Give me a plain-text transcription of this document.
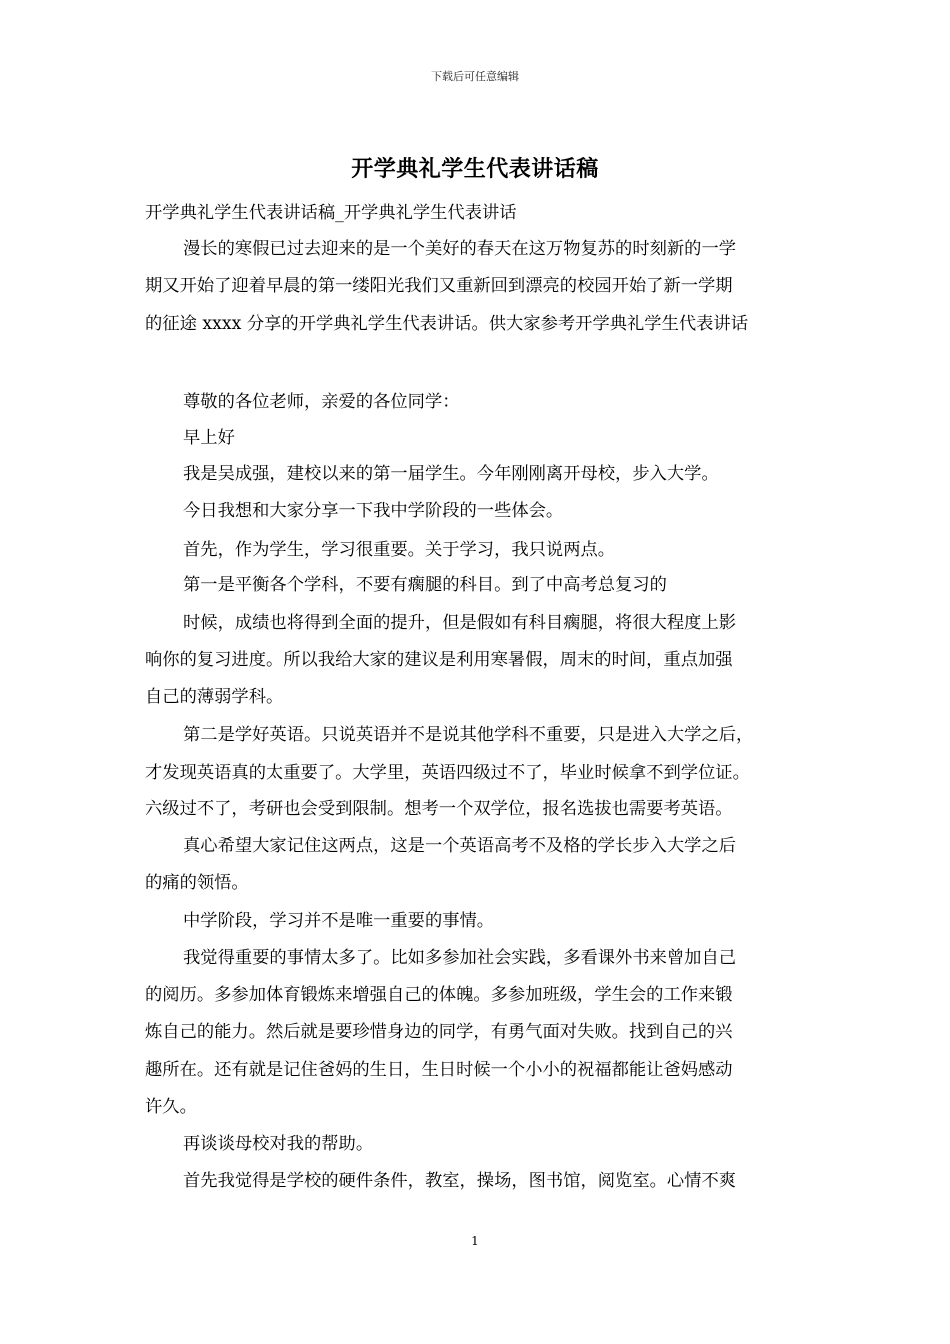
下载后可任意编辑
开学典礼学生代表讲话稿
开学典礼学生代表讲话稿_开学典礼学生代表讲话
漫长的寒假已过去迎来的是一个美好的春天在这万物复苏的时刻新的一学
期又开始了迎着早晨的第一缕阳光我们又重新回到漂亮的校园开始了新一学期
的征途 xxxx 分享的开学典礼学生代表讲话。供大家参考开学典礼学生代表讲话
尊敬的各位老师，亲爱的各位同学：
早上好
我是吴成强，建校以来的第一届学生。今年刚刚离开母校，步入大学。
今日我想和大家分享一下我中学阶段的一些体会。
首先，作为学生，学习很重要。关于学习，我只说两点。
第一是平衡各个学科，不要有瘸腿的科目。到了中高考总复习的
时候，成绩也将得到全面的提升，但是假如有科目瘸腿，将很大程度上影
响你的复习进度。所以我给大家的建议是利用寒暑假，周末的时间，重点加强
自己的薄弱学科。
第二是学好英语。只说英语并不是说其他学科不重要，只是进入大学之后，
才发现英语真的太重要了。大学里，英语四级过不了，毕业时候拿不到学位证。
六级过不了，考研也会受到限制。想考一个双学位，报名选拔也需要考英语。
真心希望大家记住这两点，这是一个英语高考不及格的学长步入大学之后
的痛的领悟。
中学阶段，学习并不是唯一重要的事情。
我觉得重要的事情太多了。比如多参加社会实践，多看课外书来曾加自己
的阅历。多参加体育锻炼来增强自己的体魄。多参加班级，学生会的工作来锻
炼自己的能力。然后就是要珍惜身边的同学，有勇气面对失败。找到自己的兴
趣所在。还有就是记住爸妈的生日，生日时候一个小小的祝福都能让爸妈感动
许久。
再谈谈母校对我的帮助。
首先我觉得是学校的硬件条件，教室，操场，图书馆，阅览室。心情不爽
1
